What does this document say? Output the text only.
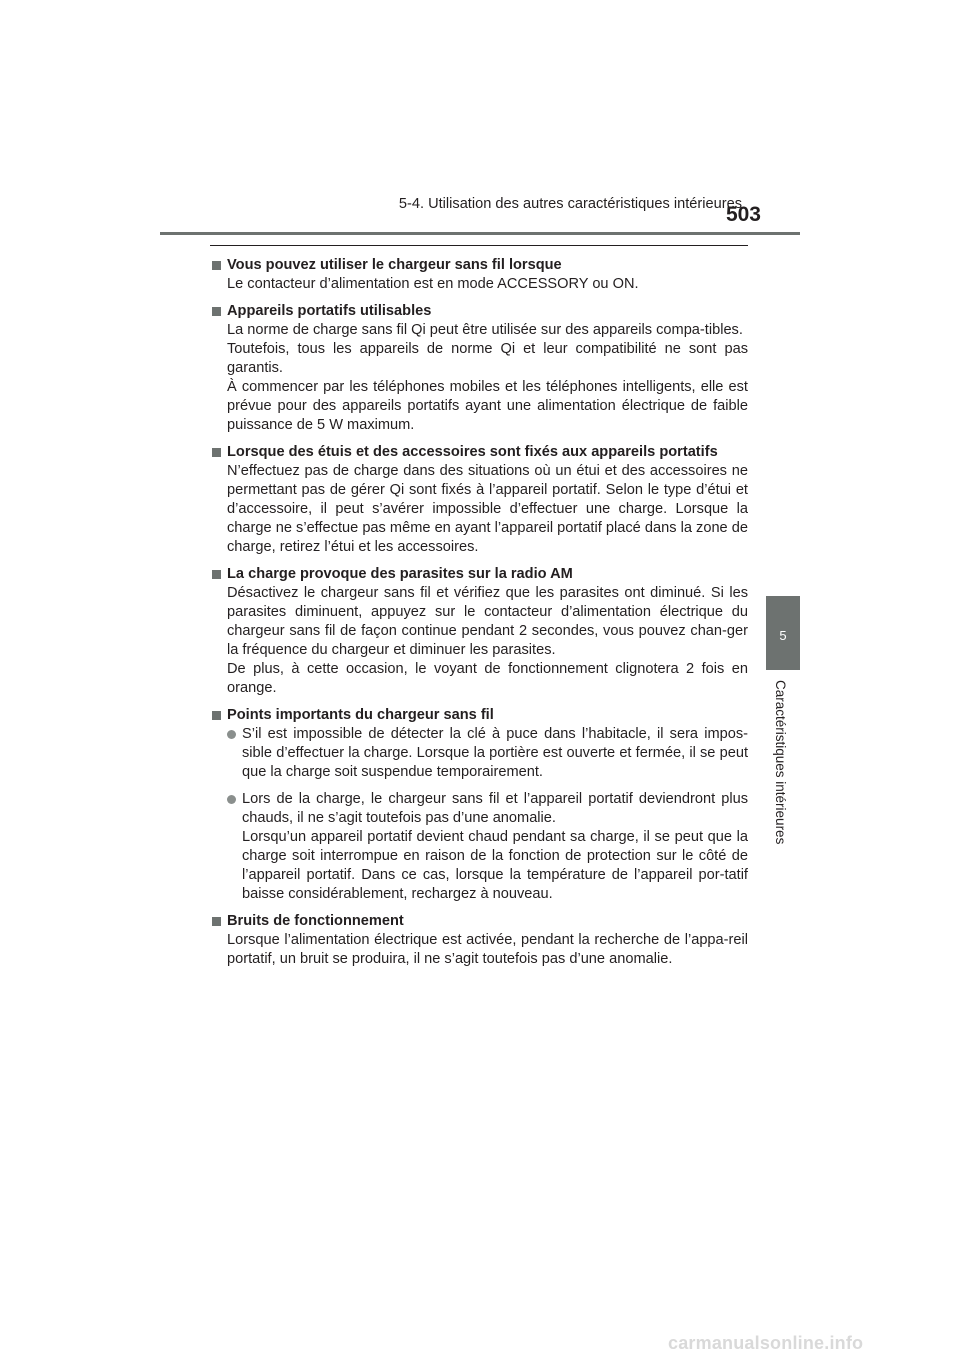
5-4. Utilisation des autres caractéristiques intérieures
503
5
Caractéristiques intérieures
Vous pouvez utiliser le chargeur sans fil lorsque
Le contacteur d’alimentation est en mode ACCESSORY ou ON.
Appareils portatifs utilisables
La norme de charge sans fil Qi peut être utilisée sur des appareils compa-tibles.
Toutefois, tous les appareils de norme Qi et leur compatibilité ne sont pas garantis.
À commencer par les téléphones mobiles et les téléphones intelligents, elle est prévue pour des appareils portatifs ayant une alimentation électrique de faible puissance de 5 W maximum.
Lorsque des étuis et des accessoires sont fixés aux appareils portatifs
N’effectuez pas de charge dans des situations où un étui et des accessoires ne permettant pas de gérer Qi sont fixés à l’appareil portatif. Selon le type d’étui et d’accessoire, il peut s’avérer impossible d’effectuer une charge. Lorsque la charge ne s’effectue pas même en ayant l’appareil portatif placé dans la zone de charge, retirez l’étui et les accessoires.
La charge provoque des parasites sur la radio AM
Désactivez le chargeur sans fil et vérifiez que les parasites ont diminué. Si les parasites diminuent, appuyez sur le contacteur d’alimentation électrique du chargeur sans fil de façon continue pendant 2 secondes, vous pouvez chan-ger la fréquence du chargeur et diminuer les parasites.
De plus, à cette occasion, le voyant de fonctionnement clignotera 2 fois en orange.
Points importants du chargeur sans fil
S’il est impossible de détecter la clé à puce dans l’habitacle, il sera impos-sible d’effectuer la charge. Lorsque la portière est ouverte et fermée, il se peut que la charge soit suspendue temporairement.
Lors de la charge, le chargeur sans fil et l’appareil portatif deviendront plus chauds, il ne s’agit toutefois pas d’une anomalie.
Lorsqu’un appareil portatif devient chaud pendant sa charge, il se peut que la charge soit interrompue en raison de la fonction de protection sur le côté de l’appareil portatif. Dans ce cas, lorsque la température de l’appareil por-tatif baisse considérablement, rechargez à nouveau.
Bruits de fonctionnement
Lorsque l’alimentation électrique est activée, pendant la recherche de l’appa-reil portatif, un bruit se produira, il ne s’agit toutefois pas d’une anomalie.
carmanualsonline.info
